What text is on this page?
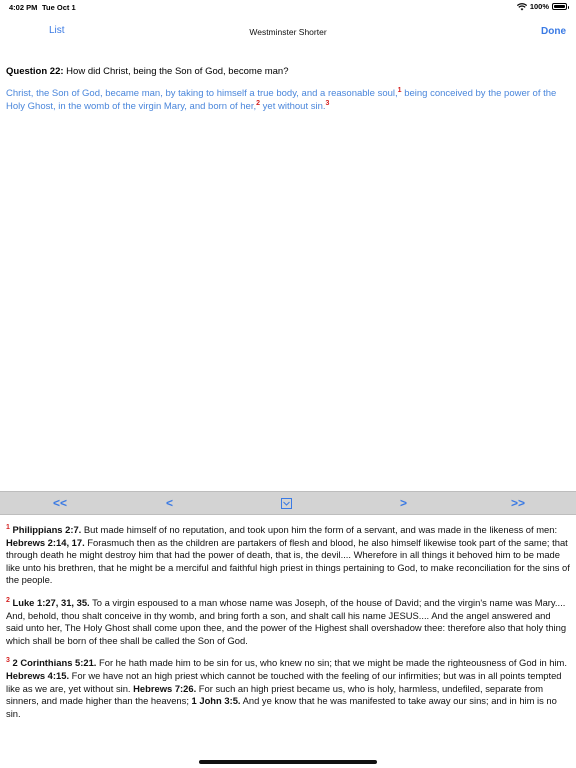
4:02 PM Tue Oct 1	100%
List	Westminster Shorter	Done
Question 22: How did Christ, being the Son of God, become man?
Christ, the Son of God, became man, by taking to himself a true body, and a reasonable soul,$^1$ being conceived by the power of the Holy Ghost, in the womb of the virgin Mary, and born of her,$^2$ yet without sin.$^3$
<<	<	>	>>
$^1$ Philippians 2:7. But made himself of no reputation, and took upon him the form of a servant, and was made in the likeness of men: Hebrews 2:14, 17. Forasmuch then as the children are partakers of flesh and blood, he also himself likewise took part of the same; that through death he might destroy him that had the power of death, that is, the devil.... Wherefore in all things it behoved him to be made like unto his brethren, that he might be a merciful and faithful high priest in things pertaining to God, to make reconciliation for the sins of the people.
$^2$ Luke 1:27, 31, 35. To a virgin espoused to a man whose name was Joseph, of the house of David; and the virgin's name was Mary.... And, behold, thou shalt conceive in thy womb, and bring forth a son, and shalt call his name JESUS.... And the angel answered and said unto her, The Holy Ghost shall come upon thee, and the power of the Highest shall overshadow thee: therefore also that holy thing which shall be born of thee shall be called the Son of God.
$^3$ 2 Corinthians 5:21. For he hath made him to be sin for us, who knew no sin; that we might be made the righteousness of God in him. Hebrews 4:15. For we have not an high priest which cannot be touched with the feeling of our infirmities; but was in all points tempted like as we are, yet without sin. Hebrews 7:26. For such an high priest became us, who is holy, harmless, undefiled, separate from sinners, and made higher than the heavens; 1 John 3:5. And ye know that he was manifested to take away our sins; and in him is no sin.
